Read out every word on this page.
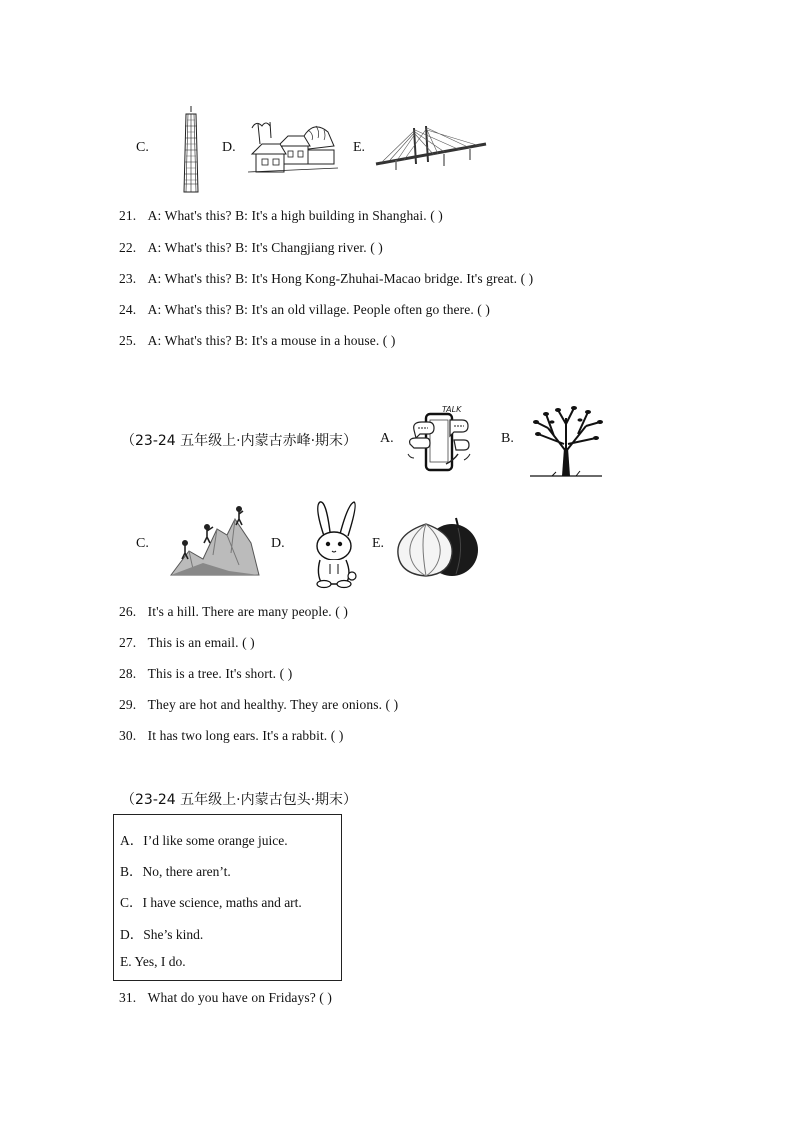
C.	D.	E.
21. A: What's this? B: It's a high building in Shanghai. ( )
22. A: What's this? B: It's Changjiang river. ( )
23. A: What's this? B: It's Hong Kong-Zhuhai-Macao bridge. It's great. ( )
24. A: What's this? B: It's an old village. People often go there. ( )
25. A: What's this? B: It's a mouse in a house. ( )
（23-24 五年级上·内蒙古赤峰·期末） A.
TALK
B.
C.	D.	E.
26. It's a hill. There are many people. ( )
27. This is an email. ( )
28. This is a tree. It's short. ( )
29. They are hot and healthy. They are onions. ( )
30. It has two long ears. It's a rabbit. ( )
（23-24 五年级上·内蒙古包头·期末）
A．I’d like some orange juice.
B．No, there aren’t.
C．I have science, maths and art.
D．She’s kind.
E. Yes, I do.
31. What do you have on Fridays? ( )
